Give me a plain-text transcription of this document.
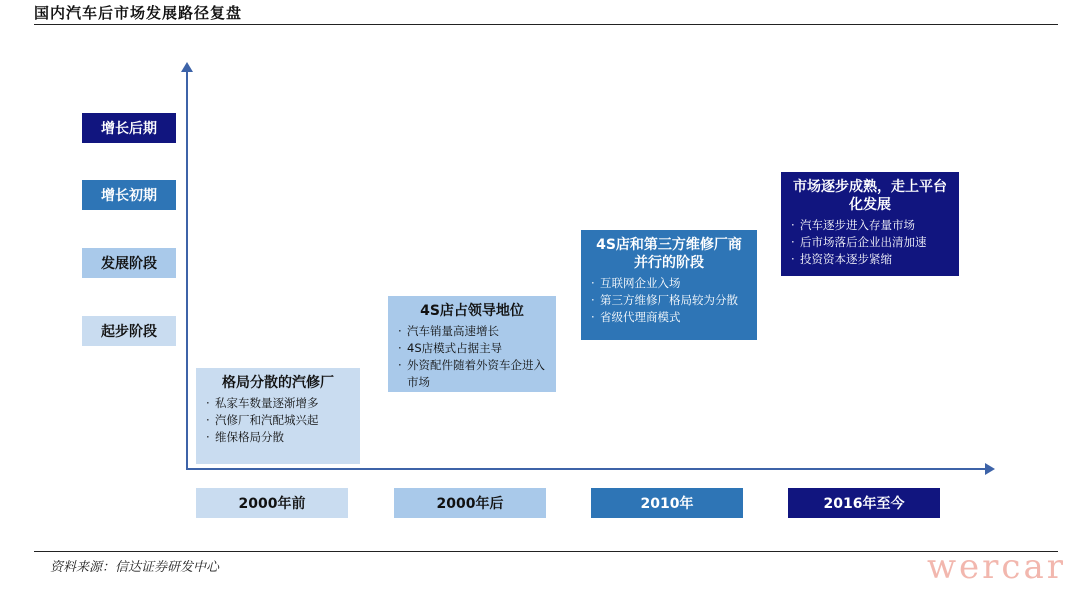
国内汽车后市场发展路径复盘
增长后期
增长初期
发展阶段
起步阶段
2000年前	2000年后	2010年	2016年至今
格局分散的汽修厂
· 私家车数量逐渐增多
· 汽修厂和汽配城兴起
· 维保格局分散
4S店占领导地位
· 汽车销量高速增长
· 4S店模式占据主导
· 外资配件随着外资车企进入市场
4S店和第三方维修厂商并行的阶段
· 互联网企业入场
· 第三方维修厂格局较为分散
· 省级代理商模式
市场逐步成熟，走上平台化发展
· 汽车逐步进入存量市场
· 后市场落后企业出清加速
· 投资资本逐步紧缩
资料来源：信达证券研发中心	wercar
